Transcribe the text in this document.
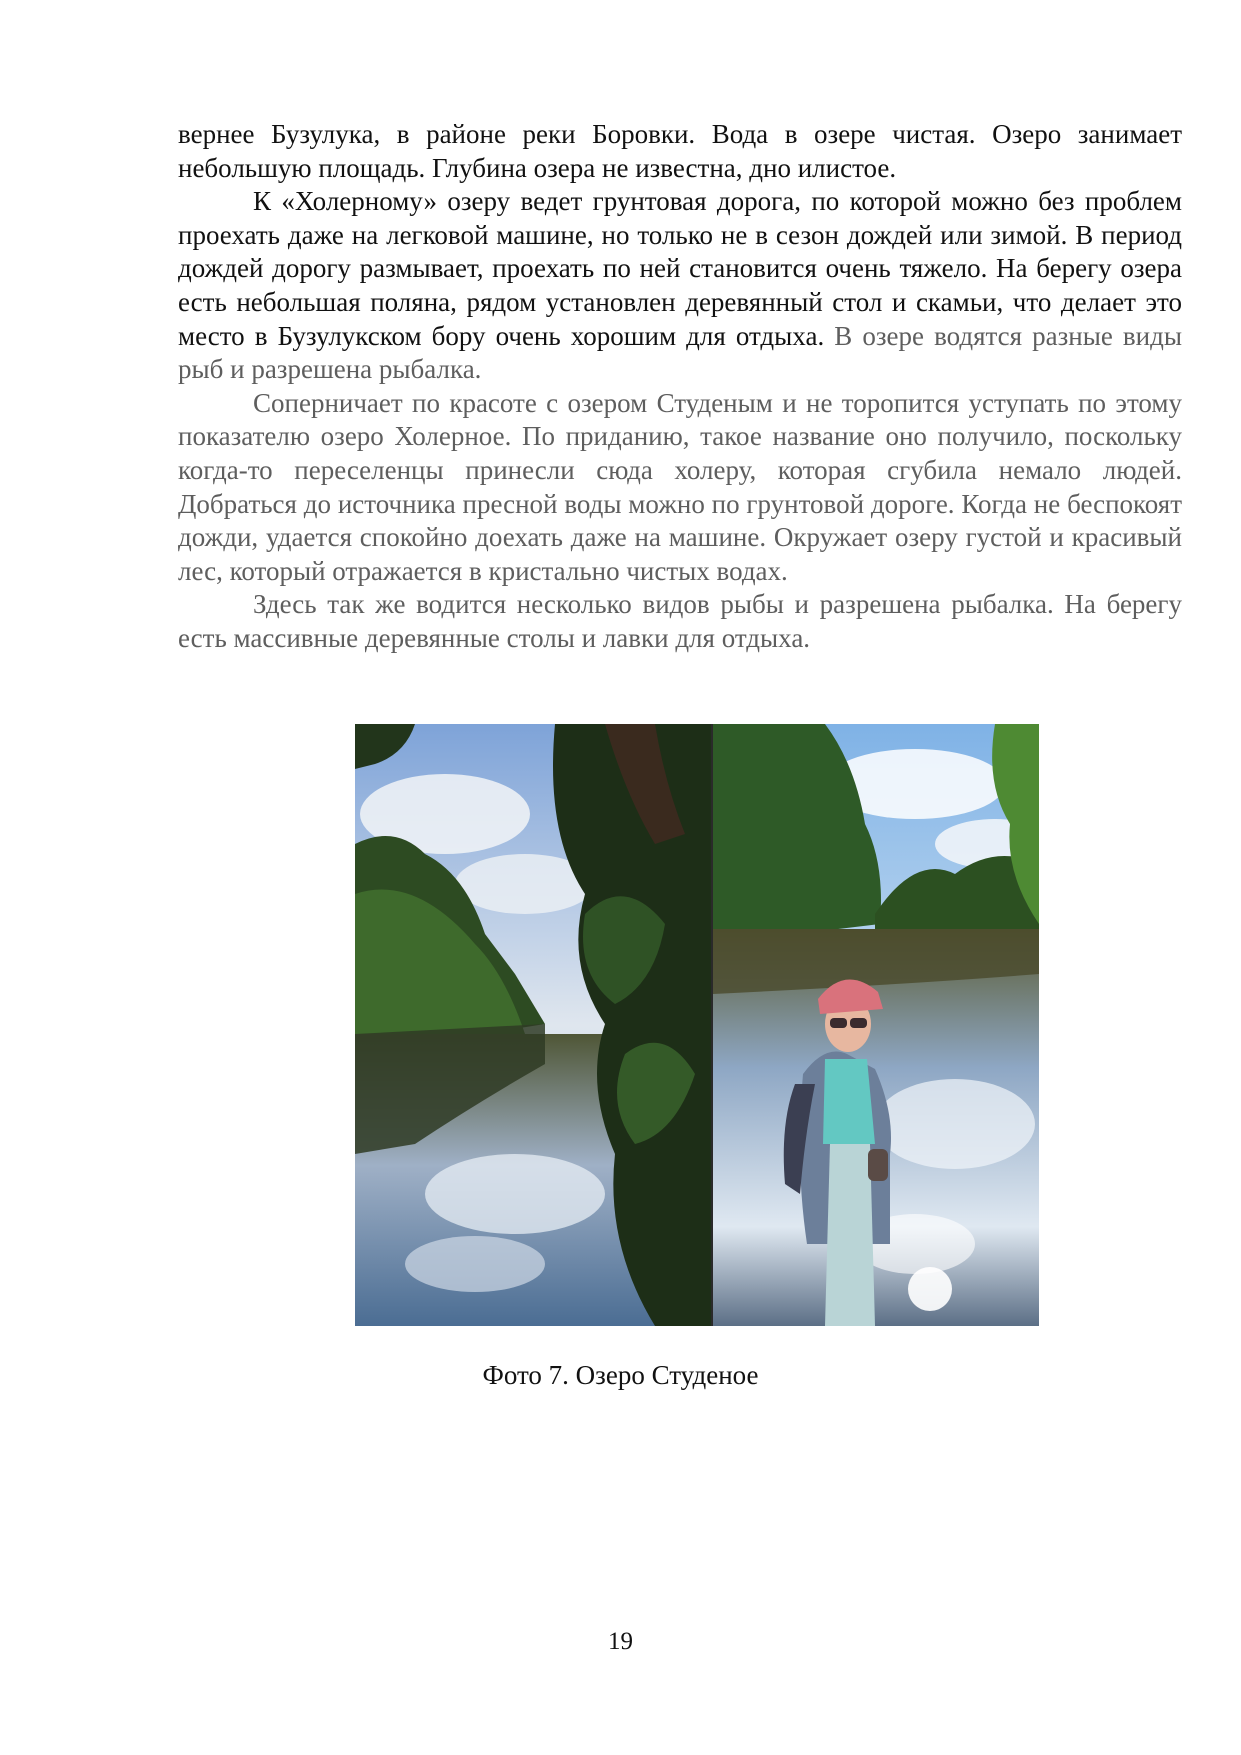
вернее Бузулука, в районе реки Боровки. Вода в озере чистая. Озеро занимает небольшую площадь. Глубина озера не известна, дно илистое.

К «Холерному» озеру ведет грунтовая дорога, по которой можно без проблем проехать даже на легковой машине, но только не в сезон дождей или зимой. В период дождей дорогу размывает, проехать по ней становится очень тяжело. На берегу озера есть небольшая поляна, рядом установлен деревянный стол и скамьи, что делает это место в Бузулукском бору очень хорошим для отдыха. В озере водятся разные виды рыб и разрешена рыбалка.

Соперничает по красоте с озером Студеным и не торопится уступать по этому показателю озеро Холерное. По приданию, такое название оно получило, поскольку когда-то переселенцы принесли сюда холеру, которая сгубила немало людей. Добраться до источника пресной воды можно по грунтовой дороге. Когда не беспокоят дожди, удается спокойно доехать даже на машине. Окружает озеру густой и красивый лес, который отражается в кристально чистых водах.

Здесь так же водится несколько видов рыбы и разрешена рыбалка. На берегу есть массивные деревянные столы и лавки для отдыха.

Фото 7. Озеро Студеное
19
